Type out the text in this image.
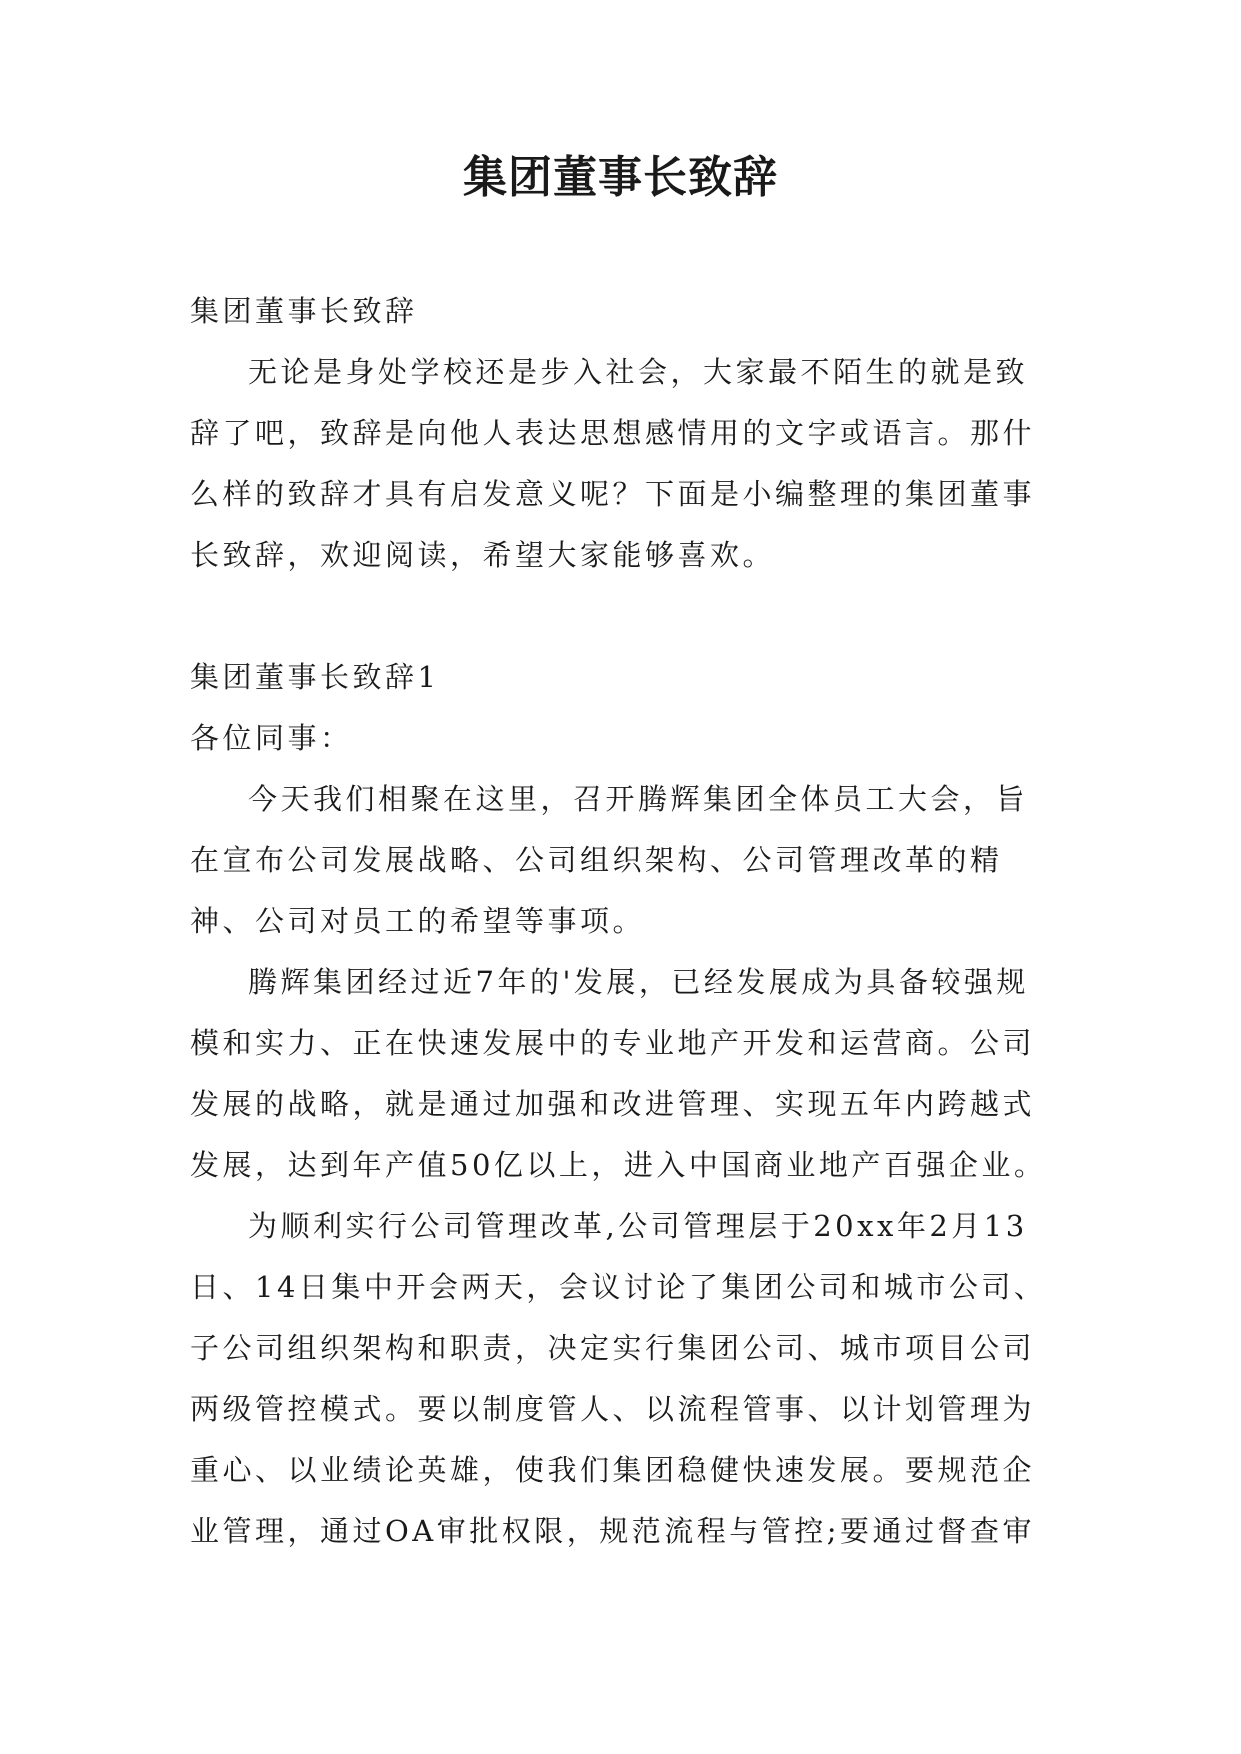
集团董事长致辞

集团董事长致辞

无论是身处学校还是步入社会，大家最不陌生的就是致辞了吧，致辞是向他人表达思想感情用的文字或语言。那什么样的致辞才具有启发意义呢？下面是小编整理的集团董事长致辞，欢迎阅读，希望大家能够喜欢。

集团董事长致辞1

各位同事：

今天我们相聚在这里，召开腾辉集团全体员工大会，旨在宣布公司发展战略、公司组织架构、公司管理改革的精神、公司对员工的希望等事项。

腾辉集团经过近7年的'发展，已经发展成为具备较强规模和实力、正在快速发展中的专业地产开发和运营商。公司发展的战略，就是通过加强和改进管理、实现五年内跨越式发展，达到年产值50亿以上，进入中国商业地产百强企业。

为顺利实行公司管理改革,公司管理层于20xx年2月13日、14日集中开会两天，会议讨论了集团公司和城市公司、子公司组织架构和职责，决定实行集团公司、城市项目公司两级管控模式。要以制度管人、以流程管事、以计划管理为重心、以业绩论英雄，使我们集团稳健快速发展。要规范企业管理，通过OA审批权限，规范流程与管控;要通过督查审
